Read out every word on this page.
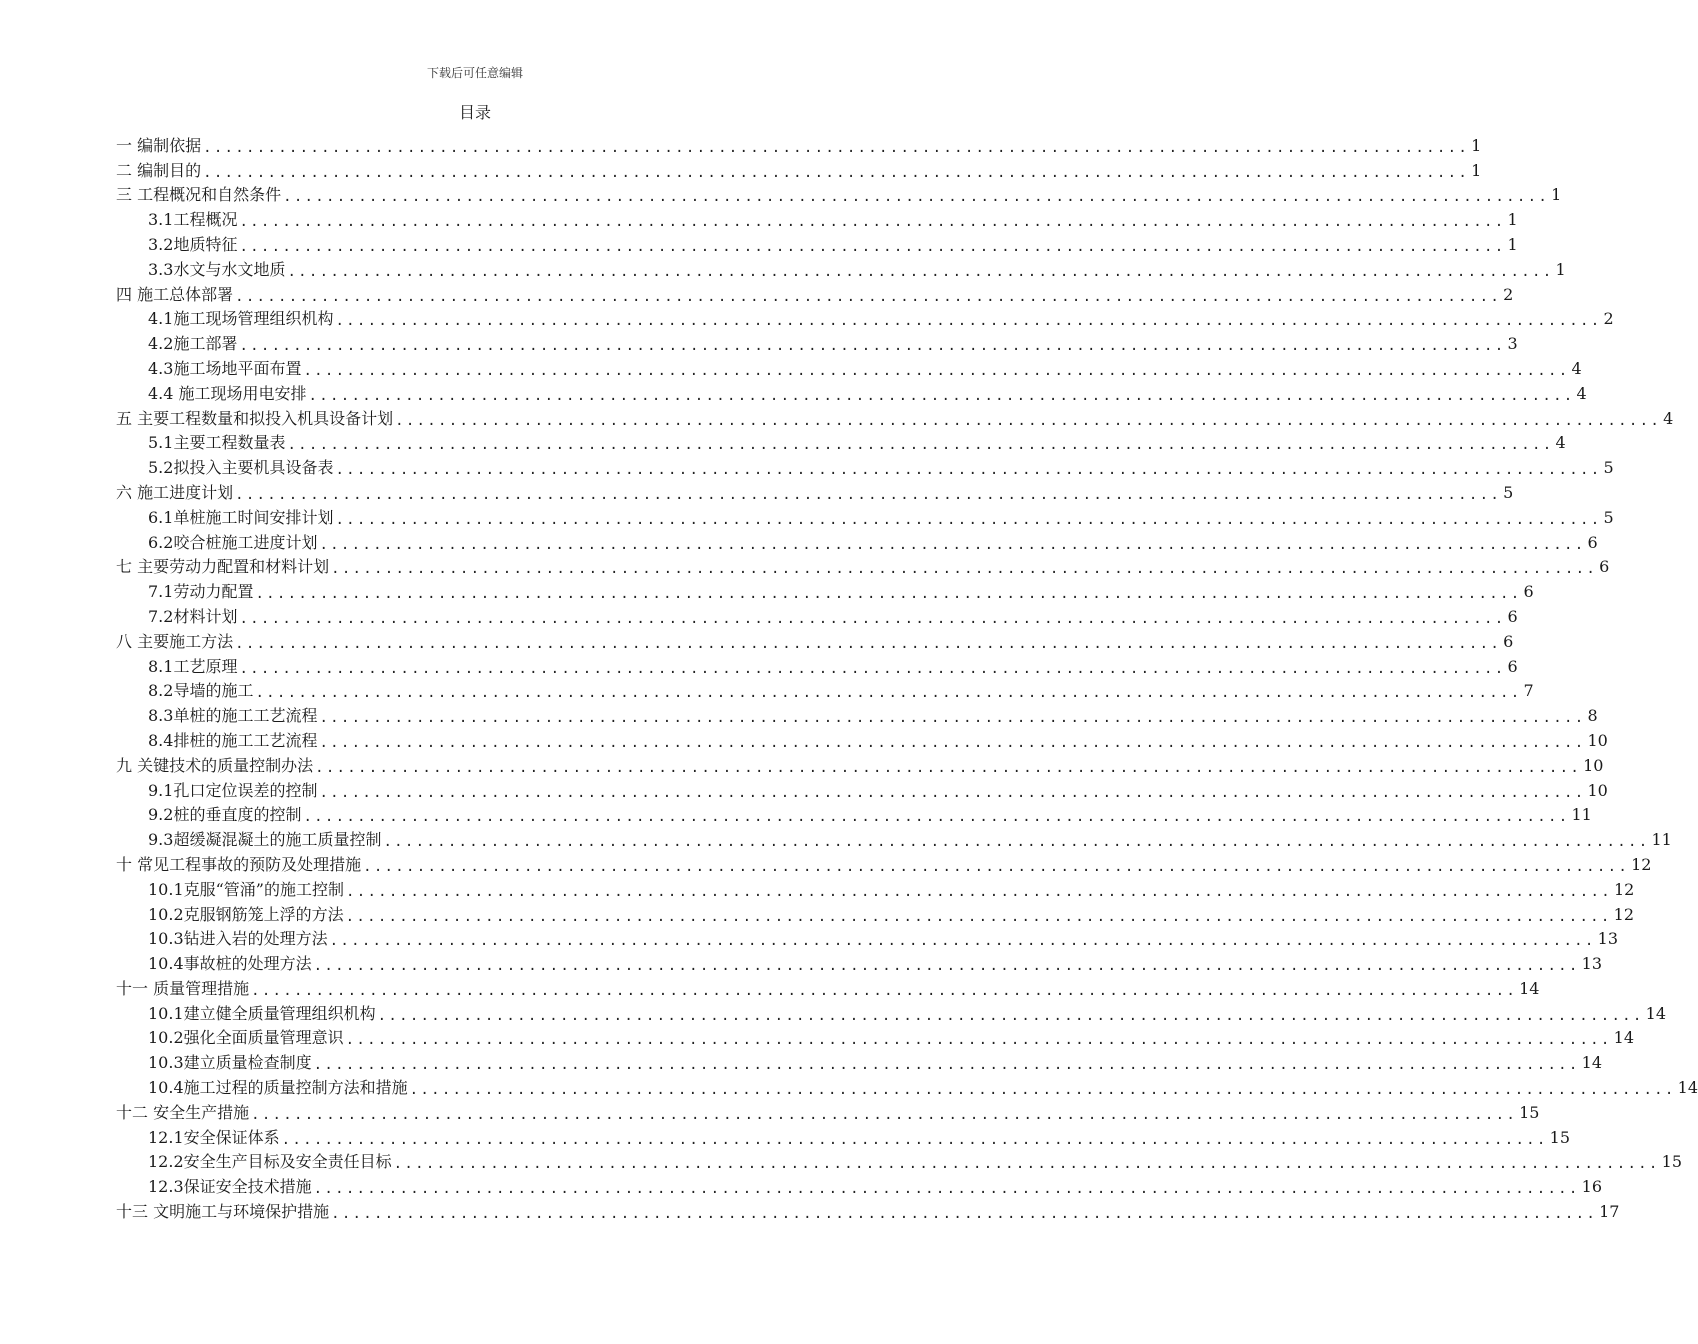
下载后可任意编辑
目录
一 编制依据 ...................................................................................................................... 1
二 编制目的 ...................................................................................................................... 1
三 工程概况和自然条件 ...................................................................................................................... 1
3.1工程概况 ...................................................................................................................... 1
3.2地质特征 ...................................................................................................................... 1
3.3水文与水文地质 ...................................................................................................................... 1
四 施工总体部署 ...................................................................................................................... 2
4.1施工现场管理组织机构 ...................................................................................................................... 2
4.2施工部署 ...................................................................................................................... 3
4.3施工场地平面布置 ...................................................................................................................... 4
4.4 施工现场用电安排 ...................................................................................................................... 4
五 主要工程数量和拟投入机具设备计划 ...................................................................................................................... 4
5.1主要工程数量表 ...................................................................................................................... 4
5.2拟投入主要机具设备表 ...................................................................................................................... 5
六 施工进度计划 ...................................................................................................................... 5
6.1单桩施工时间安排计划 ...................................................................................................................... 5
6.2咬合桩施工进度计划 ...................................................................................................................... 6
七 主要劳动力配置和材料计划 ...................................................................................................................... 6
7.1劳动力配置 ...................................................................................................................... 6
7.2材料计划 ...................................................................................................................... 6
八 主要施工方法 ...................................................................................................................... 6
8.1工艺原理 ...................................................................................................................... 6
8.2导墙的施工 ...................................................................................................................... 7
8.3单桩的施工工艺流程 ...................................................................................................................... 8
8.4排桩的施工工艺流程 ...................................................................................................................... 10
九 关键技术的质量控制办法 ...................................................................................................................... 10
9.1孔口定位误差的控制 ...................................................................................................................... 10
9.2桩的垂直度的控制 ...................................................................................................................... 11
9.3超缓凝混凝土的施工质量控制 ...................................................................................................................... 11
十 常见工程事故的预防及处理措施 ...................................................................................................................... 12
10.1克服“管涌”的施工控制 ...................................................................................................................... 12
10.2克服钢筋笼上浮的方法 ...................................................................................................................... 12
10.3钻进入岩的处理方法 ...................................................................................................................... 13
10.4事故桩的处理方法 ...................................................................................................................... 13
十一 质量管理措施 ...................................................................................................................... 14
10.1建立健全质量管理组织机构 ...................................................................................................................... 14
10.2强化全面质量管理意识 ...................................................................................................................... 14
10.3建立质量检查制度 ...................................................................................................................... 14
10.4施工过程的质量控制方法和措施 ...................................................................................................................... 14
十二 安全生产措施 ...................................................................................................................... 15
12.1安全保证体系 ...................................................................................................................... 15
12.2安全生产目标及安全责任目标 ...................................................................................................................... 15
12.3保证安全技术措施 ...................................................................................................................... 16
十三 文明施工与环境保护措施 ...................................................................................................................... 17
